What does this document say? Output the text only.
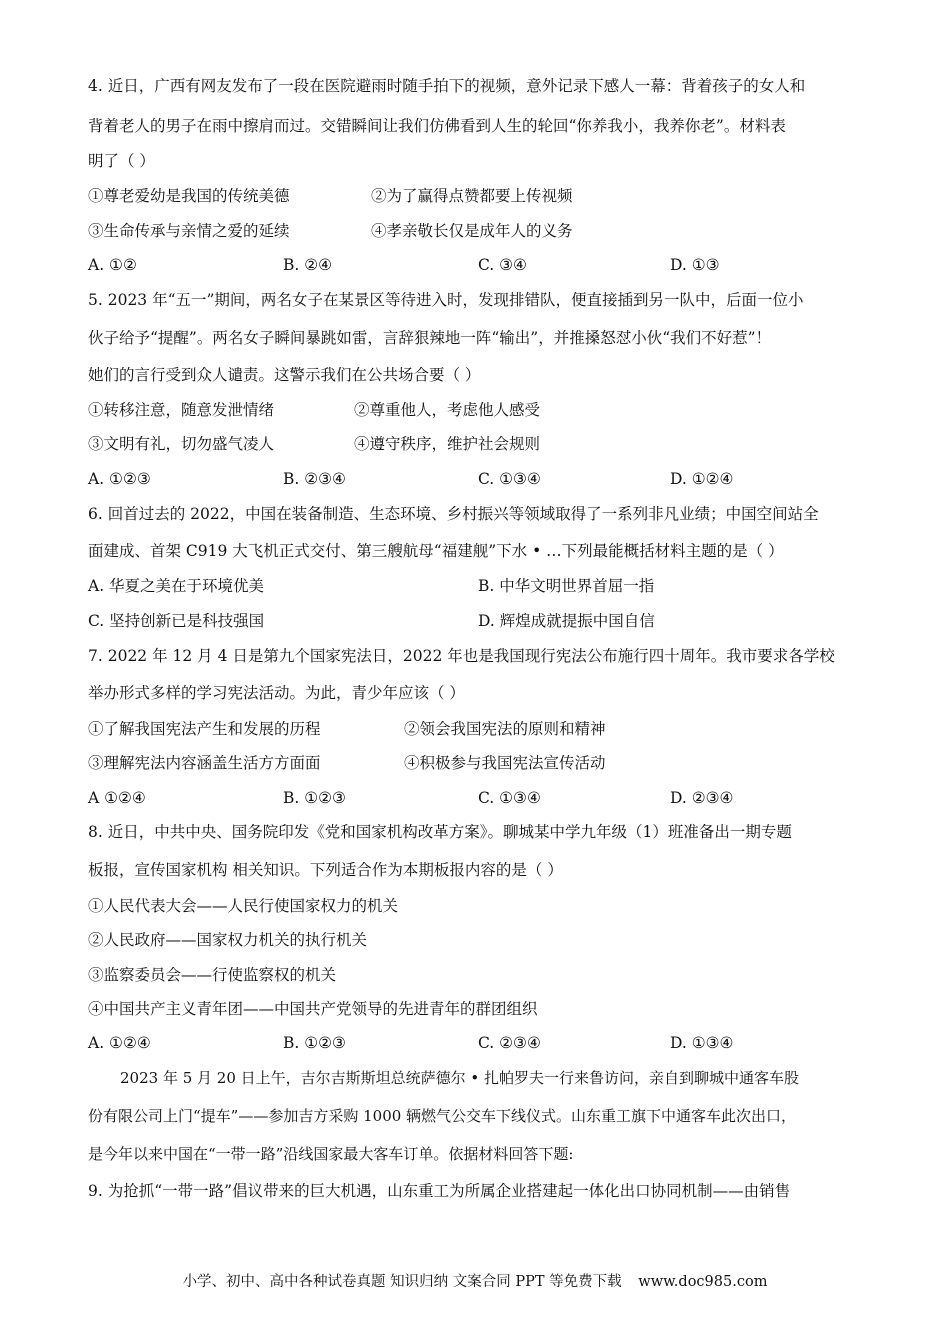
4. 近日，广西有网友发布了一段在医院避雨时随手拍下的视频，意外记录下感人一幕：背着孩子的女人和
背着老人的男子在雨中擦肩而过。交错瞬间让我们仿佛看到人生的轮回“你养我小，我养你老”。材料表
明了（ ）
①尊老爱幼是我国的传统美德	②为了赢得点赞都要上传视频
③生命传承与亲情之爱的延续	④孝亲敬长仅是成年人的义务
A. ①②	B. ②④	C. ③④	D. ①③
5. 2023 年“五一”期间，两名女子在某景区等待进入时，发现排错队，便直接插到另一队中，后面一位小
伙子给予“提醒”。两名女子瞬间暴跳如雷，言辞狠辣地一阵“输出”，并推搡怒怼小伙“我们不好惹”！
她们的言行受到众人谴责。这警示我们在公共场合要（ ）
①转移注意，随意发泄情绪	②尊重他人，考虑他人感受
③文明有礼，切勿盛气凌人	④遵守秩序，维护社会规则
A. ①②③	B. ②③④	C. ①③④	D. ①②④
6. 回首过去的 2022，中国在装备制造、生态环境、乡村振兴等领域取得了一系列非凡业绩；中国空间站全
面建成、首架 C919 大飞机正式交付、第三艘航母“福建舰”下水 • …下列最能概括材料主题的是（ ）
A. 华夏之美在于环境优美	B. 中华文明世界首屈一指
C. 坚持创新已是科技强国	D. 辉煌成就提振中国自信
7. 2022 年 12 月 4 日是第九个国家宪法日，2022 年也是我国现行宪法公布施行四十周年。我市要求各学校
举办形式多样的学习宪法活动。为此，青少年应该（ ）
①了解我国宪法产生和发展的历程	②领会我国宪法的原则和精神
③理解宪法内容涵盖生活方方面面	④积极参与我国宪法宣传活动
A ①②④	B. ①②③	C. ①③④	D. ②③④
8. 近日，中共中央、国务院印发《党和国家机构改革方案》。聊城某中学九年级（1）班准备出一期专题
板报，宣传国家机构 相关知识。下列适合作为本期板报内容的是（ ）
①人民代表大会——人民行使国家权力的机关
②人民政府——国家权力机关的执行机关
③监察委员会——行使监察权的机关
④中国共产主义青年团——中国共产党领导的先进青年的群团组织
A. ①②④	B. ①②③	C. ②③④	D. ①③④
2023 年 5 月 20 日上午，吉尔吉斯斯坦总统萨德尔 • 扎帕罗夫一行来鲁访问，亲自到聊城中通客车股
份有限公司上门“提车”——参加吉方采购 1000 辆燃气公交车下线仪式。山东重工旗下中通客车此次出口，
是今年以来中国在“一带一路”沿线国家最大客车订单。依据材料回答下题:
9. 为抢抓“一带一路”倡议带来的巨大机遇，山东重工为所属企业搭建起一体化出口协同机制——由销售
小学、初中、高中各种试卷真题 知识归纳 文案合同 PPT 等免费下载 www.doc985.com
